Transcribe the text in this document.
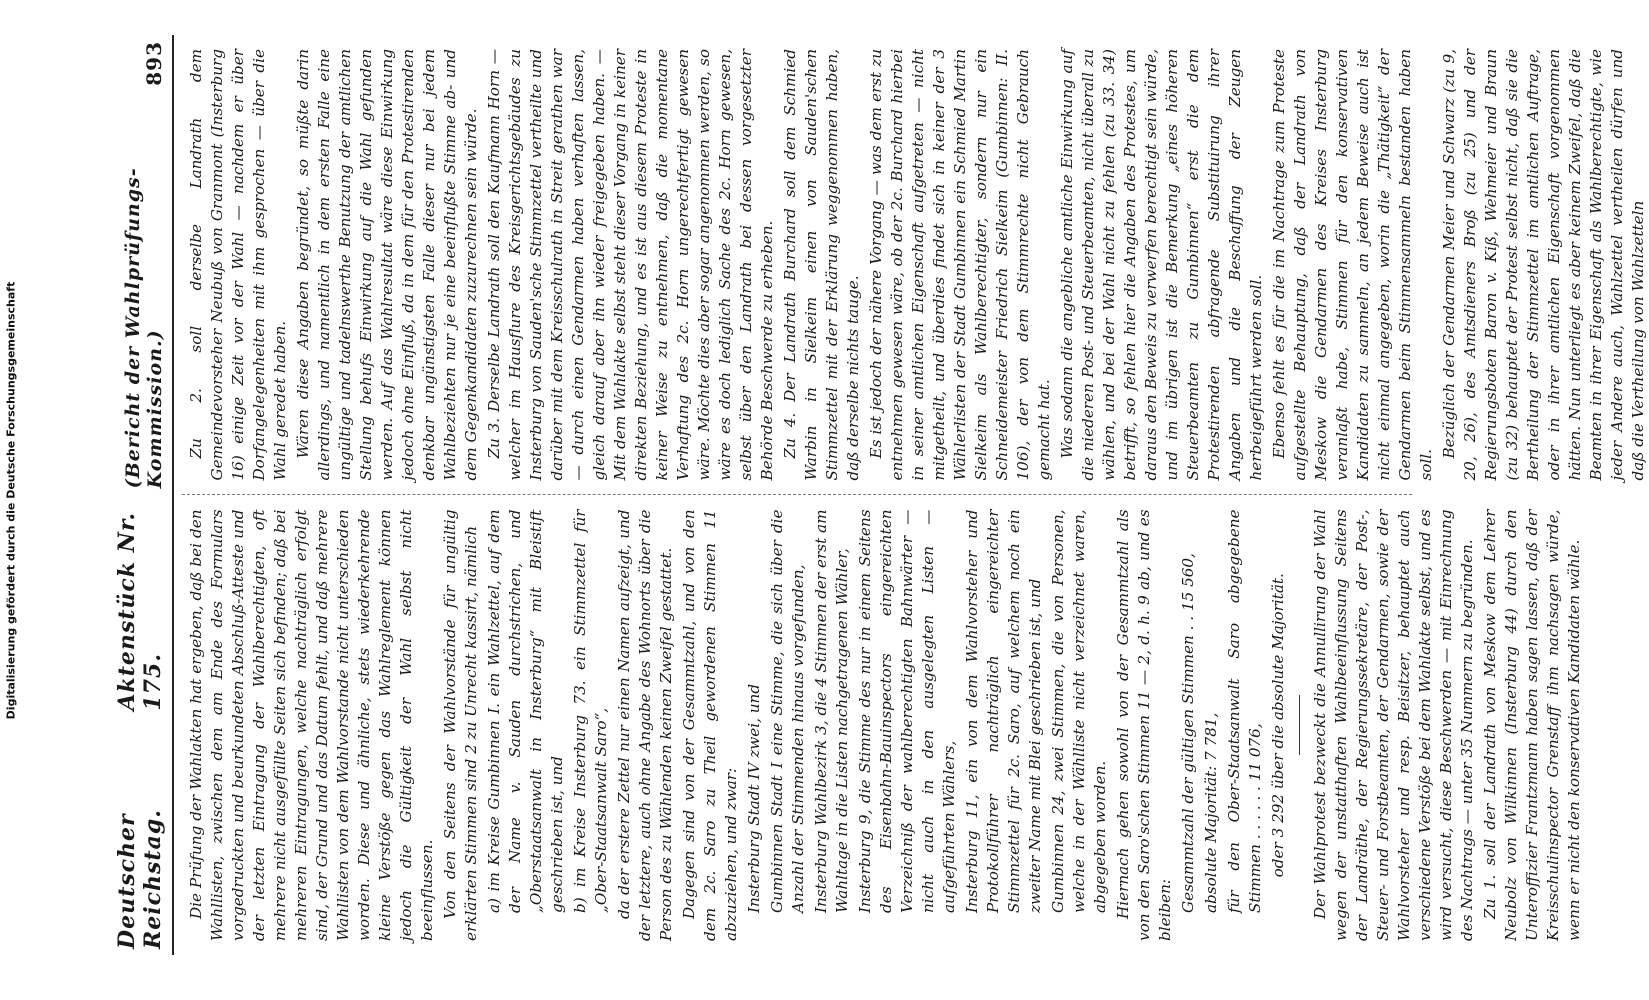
Digitalisierung gefördert durch die Deutsche Forschungsgemeinschaft
Deutscher Reichstag.
Aktenstück Nr. 175.
(Bericht der Wahlprüfungs-Kommission.)
893

Die Prüfung der Wahlakten hat ergeben, daß bei den Wahllisten, zwischen dem am Ende des Formulars vorgedruckten und beurkundeten Abschluß-Atteste und der letzten Eintragung der Wahlberechtigten, oft mehrere nicht ausgefüllte Seiten sich befinden; daß bei mehreren Eintragungen, welche nachträglich erfolgt sind, der Grund und das Datum fehlt, und daß mehrere Wahllisten von dem Wahlvorstande nicht unterschieden worden. Diese und ähnliche, stets wiederkehrende kleine Verstöße gegen das Wahlreglement können jedoch die Gültigkeit der Wahl selbst nicht beeinflussen. Von den Seitens der Wahlvorstände für ungültig erklärten Stimmen sind 2 zu Unrecht kassirt, nämlich a) im Kreise Gumbinnen I. ein Wahlzettel, auf dem der Name v. Sauden durchstrichen, und „Oberstaatsanwalt in Insterburg“ mit Bleistift geschrieben ist, und b) im Kreise Insterburg 73. ein Stimmzettel für „Ober-Staatsanwalt Saro“, da der erstere Zettel nur einen Namen aufzeigt, und der letztere, auch ohne Angabe des Wohnorts über die Person des zu Wählenden keinen Zweifel gestattet. Dagegen sind von der Gesammtzahl, und von den dem 2c. Saro zu Theil gewordenen Stimmen 11 abzuziehen, und zwar: Insterburg Stadt IV zwei, und Gumbinnen Stadt I eine Stimme, die sich über die Anzahl der Stimmenden hinaus vorgefunden, Insterburg Wahlbezirk 3, die 4 Stimmen der erst am Wahltage in die Listen nachgetragenen Wähler, Insterburg 9, die Stimme des nur in einem Seitens des Eisenbahn-Bauinspectors eingereichten Verzeichniß der wahlberechtigten Bahnwärter — nicht auch in den ausgelegten Listen — aufgeführten Wählers, Insterburg 11, ein von dem Wahlvorsteher und Protokollführer nachträglich eingereichter Stimmzettel für 2c. Saro, auf welchem noch ein zweiter Name mit Blei geschrieben ist, und Gumbinnen 24, zwei Stimmen, die von Personen, welche in der Wählliste nicht verzeichnet waren, abgegeben worden. Hiernach gehen sowohl von der Gesammtzahl als von den Saro'schen Stimmen 11 — 2, d. h. 9 ab, und es bleiben: Gesammtzahl der gültigen Stimmen . . 15 560, absolute Majorität: 7 781, für den Ober-Staatsanwalt Saro abgegebene Stimmen . . . . . . 11 076, oder 3 292 über die absolute Majorität. Der Wahlprotest bezweckt die Annullirung der Wahl wegen der unstatthaften Wahlbeeinflussung Seitens der Landräthe, der Regierungssekretäre, der Post-, Steuer- und Forstbeamten, der Gendarmen, sowie der Wahlvorsteher und resp. Beisitzer, behauptet auch verschiedene Verstöße bei dem Wahlakte selbst, und es wird versucht, diese Beschwerden — mit Einrechnung des Nachtrags — unter 35 Nummern zu begründen. Zu 1. soll der Landrath von Meskow dem Lehrer Neubolz von Wilkinnen (Insterburg 44) durch den Unteroffizier Frantzmann haben sagen lassen, daß der Kreisschulinspector Grenstaff ihm nachsagen würde, wenn er nicht den konservativen Kandidaten wähle.

Zu 2. soll derselbe Landrath dem Gemeindevorsteher Neubuß von Granmont (Insterburg 16) einige Zeit vor der Wahl — nachdem er über Dorfangelegenheiten mit ihm gesprochen — über die Wahl geredet haben. Wären diese Angaben begründet, so müßte darin allerdings, und namentlich in dem ersten Falle eine ungültige und tadelnswerthe Benutzung der amtlichen Stellung behufs Einwirkung auf die Wahl gefunden werden. Auf das Wahlresultat wäre diese Einwirkung jedoch ohne Einfluß, da in dem für den Protestirenden denkbar ungünstigsten Falle dieser nur bei jedem Wahlbeziehten nur je eine beeinflußte Stimme ab- und dem Gegenkandidaten zuzurechnen sein würde. Zu 3. Derselbe Landrath soll den Kaufmann Horn — welcher im Hausflure des Kreisgerichtsgebäudes zu Insterburg von Sauden'sche Stimmzettel vertheilte und darüber mit dem Kreisschulrath in Streit gerathen war — durch einen Gendarmen haben verhaften lassen, gleich darauf aber ihn wieder freigegeben haben. — Mit dem Wahlakte selbst steht dieser Vorgang in keiner direkten Beziehung, und es ist aus diesem Proteste in keiner Weise zu entnehmen, daß die momentane Verhaftung des 2c. Horn ungerechtfertigt gewesen wäre. Möchte dies aber sogar angenommen werden, so wäre es doch lediglich Sache des 2c. Horn gewesen, selbst über den Landrath bei dessen vorgesetzter Behörde Beschwerde zu erheben. Zu 4. Der Landrath Burchard soll dem Schmied Warbin in Sielkeim einen von Sauden'schen Stimmzettel mit der Erklärung weggenommen haben, daß derselbe nichts tauge. Es ist jedoch der nähere Vorgang — was dem erst zu entnehmen gewesen wäre, ob der 2c. Burchard hierbei in seiner amtlichen Eigenschaft aufgetreten — nicht mitgetheilt, und überdies findet sich in keiner der 3 Wählerlisten der Stadt Gumbinnen ein Schmied Martin Sielkeim als Wahlberechtigter, sondern nur ein Schneidemeister Friedrich Sielkeim (Gumbinnen: II. 106), der von dem Stimmrechte nicht Gebrauch gemacht hat. Was sodann die angebliche amtliche Einwirkung auf die niederen Post- und Steuerbeamten, nicht überall zu wählen, und bei der Wahl nicht zu fehlen (zu 33. 34) betrifft, so fehlen hier die Angaben des Protestes, um daraus den Beweis zu verwerfen berechtigt sein würde, und im übrigen ist die Bemerkung „eines höheren Steuerbeamten zu Gumbinnen“ erst die dem Protestirenden abfragende Substituirung ihrer Angaben und die Beschaffung der Zeugen herbeigeführt werden soll. Ebenso fehlt es für die im Nachtrage zum Proteste aufgestellte Behauptung, daß der Landrath von Meskow die Gendarmen des Kreises Insterburg veranlaßt habe, Stimmen für den konservativen Kandidaten zu sammeln, an jedem Beweise auch ist nicht einmal angegeben, worin die „Thätigkeit“ der Gendarmen beim Stimmensammeln bestanden haben soll.

Bezüglich der Gendarmen Meier und Schwarz (zu 9, 20, 26), des Amtsdieners Broß (zu 25) und der Regierungsboten Baron v. Kiß, Wehmeier und Braun (zu 32) behauptet der Protest selbst nicht, daß sie die Bertheilung der Stimmzettel im amtlichen Auftrage, oder in ihrer amtlichen Eigenschaft vorgenommen hätten. Nun unterliegt es aber keinem Zweifel, daß die Beamten in ihrer Eigenschaft als Wahlberechtigte, wie jeder Andere auch, Wahlzettel vertheilen dürfen und daß die Vertheilung von Wahlzetteln
